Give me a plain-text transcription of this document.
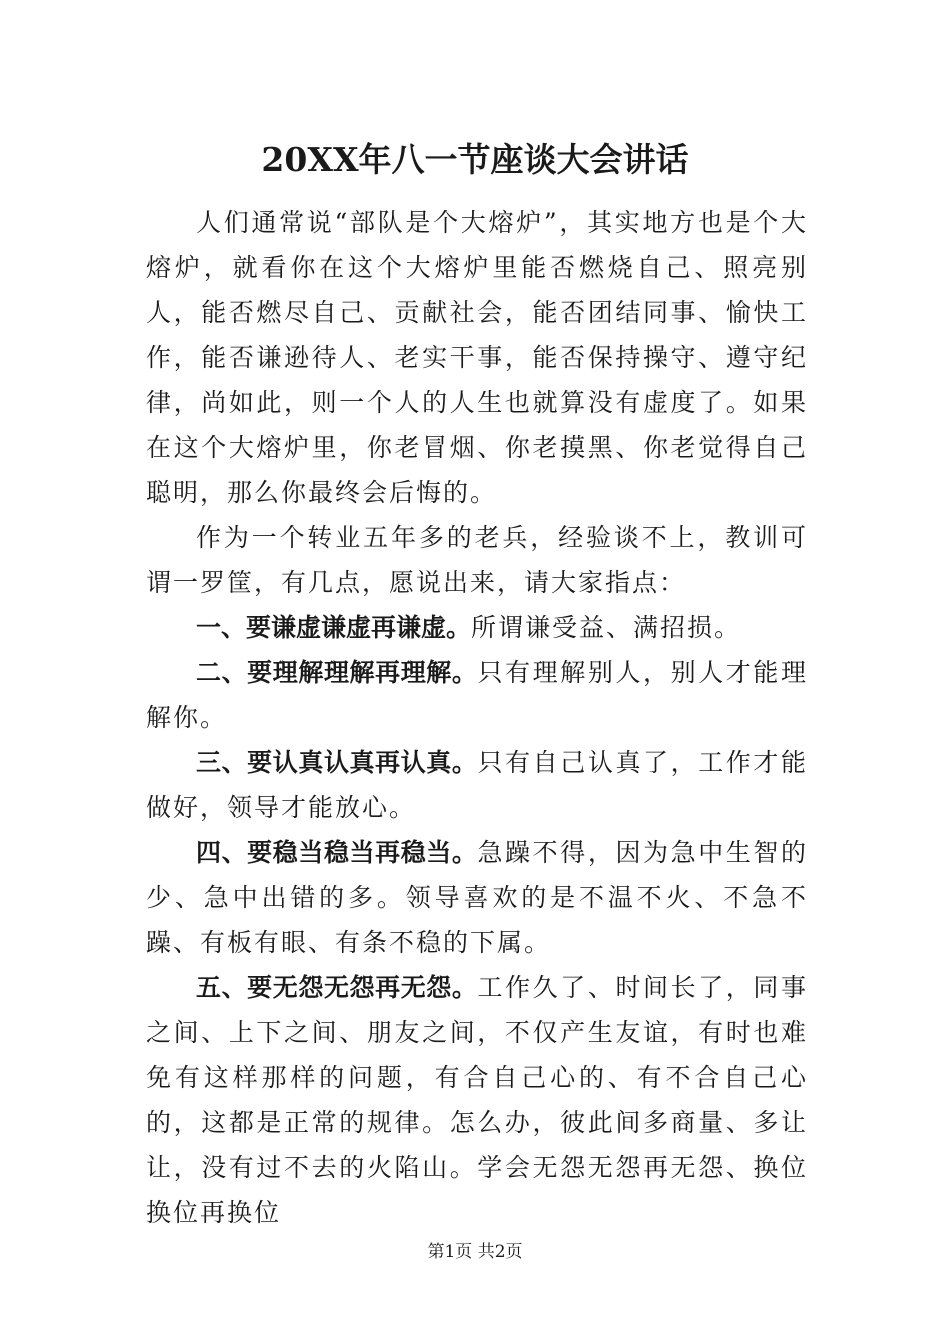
20XX年八一节座谈大会讲话

人们通常说“部队是个大熔炉”，其实地方也是个大熔炉，就看你在这个大熔炉里能否燃烧自己、照亮别人，能否燃尽自己、贡献社会，能否团结同事、愉快工作，能否谦逊待人、老实干事，能否保持操守、遵守纪律，尚如此，则一个人的人生也就算没有虚度了。如果在这个大熔炉里，你老冒烟、你老摸黑、你老觉得自己聪明，那么你最终会后悔的。

作为一个转业五年多的老兵，经验谈不上，教训可谓一罗筐，有几点，愿说出来，请大家指点：

一、要谦虚谦虚再谦虚。所谓谦受益、满招损。

二、要理解理解再理解。只有理解别人，别人才能理解你。

三、要认真认真再认真。只有自己认真了，工作才能做好，领导才能放心。

四、要稳当稳当再稳当。急躁不得，因为急中生智的少、急中出错的多。领导喜欢的是不温不火、不急不躁、有板有眼、有条不稳的下属。

五、要无怨无怨再无怨。工作久了、时间长了，同事之间、上下之间、朋友之间，不仅产生友谊，有时也难免有这样那样的问题，有合自己心的、有不合自己心的，这都是正常的规律。怎么办，彼此间多商量、多让让，没有过不去的火陷山。学会无怨无怨再无怨、换位换位再换位

第1页 共2页
